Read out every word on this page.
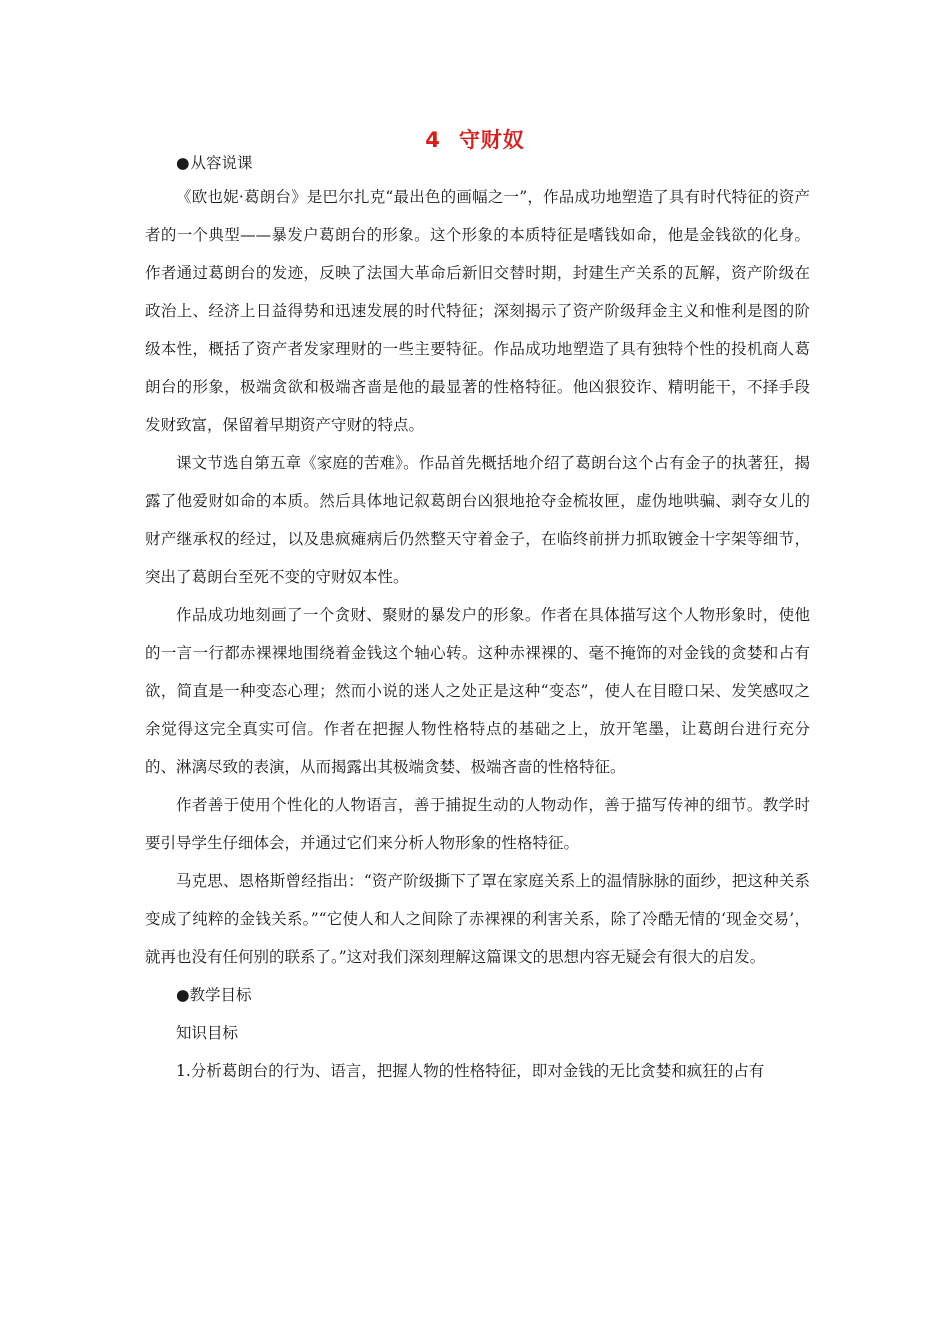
4 守财奴

●从容说课

《欧也妮·葛朗台》是巴尔扎克“最出色的画幅之一”，作品成功地塑造了具有时代特征的资产者的一个典型——暴发户葛朗台的形象。这个形象的本质特征是嗜钱如命，他是金钱欲的化身。作者通过葛朗台的发迹，反映了法国大革命后新旧交替时期，封建生产关系的瓦解，资产阶级在政治上、经济上日益得势和迅速发展的时代特征；深刻揭示了资产阶级拜金主义和惟利是图的阶级本性，概括了资产者发家理财的一些主要特征。作品成功地塑造了具有独特个性的投机商人葛朗台的形象，极端贪欲和极端吝啬是他的最显著的性格特征。他凶狠狡诈、精明能干，不择手段发财致富，保留着早期资产守财的特点。

课文节选自第五章《家庭的苦难》。作品首先概括地介绍了葛朗台这个占有金子的执著狂，揭露了他爱财如命的本质。然后具体地记叙葛朗台凶狠地抢夺金梳妆匣，虚伪地哄骗、剥夺女儿的财产继承权的经过，以及患疯瘫病后仍然整天守着金子，在临终前拼力抓取镀金十字架等细节，突出了葛朗台至死不变的守财奴本性。

作品成功地刻画了一个贪财、聚财的暴发户的形象。作者在具体描写这个人物形象时，使他的一言一行都赤裸裸地围绕着金钱这个轴心转。这种赤裸裸的、毫不掩饰的对金钱的贪婪和占有欲，简直是一种变态心理；然而小说的迷人之处正是这种“变态”，使人在目瞪口呆、发笑感叹之余觉得这完全真实可信。作者在把握人物性格特点的基础之上，放开笔墨，让葛朗台进行充分的、淋漓尽致的表演，从而揭露出其极端贪婪、极端吝啬的性格特征。

作者善于使用个性化的人物语言，善于捕捉生动的人物动作，善于描写传神的细节。教学时要引导学生仔细体会，并通过它们来分析人物形象的性格特征。

马克思、恩格斯曾经指出：“资产阶级撕下了罩在家庭关系上的温情脉脉的面纱，把这种关系变成了纯粹的金钱关系。”“它使人和人之间除了赤裸裸的利害关系，除了冷酷无情的‘现金交易’，就再也没有任何别的联系了。”这对我们深刻理解这篇课文的思想内容无疑会有很大的启发。

●教学目标

知识目标

1.分析葛朗台的行为、语言，把握人物的性格特征，即对金钱的无比贪婪和疯狂的占有
